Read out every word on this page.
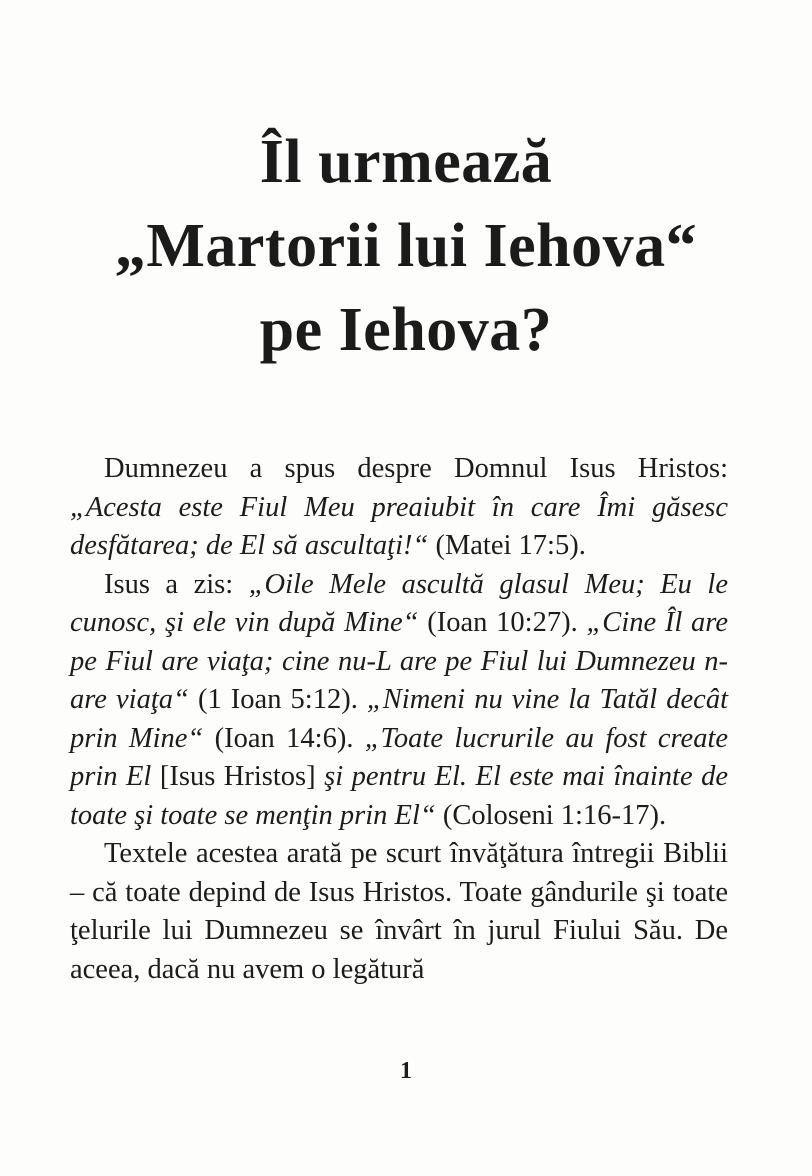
Îl urmează
„Martorii lui Iehova“
pe Iehova?

Dumnezeu a spus despre Domnul Isus Hristos: „Acesta este Fiul Meu preaiubit în care Îmi găsesc desfătarea; de El să ascultaţi!“ (Matei 17:5).

Isus a zis: „Oile Mele ascultă glasul Meu; Eu le cunosc, şi ele vin după Mine“ (Ioan 10:27). „Cine Îl are pe Fiul are viaţa; cine nu-L are pe Fiul lui Dumnezeu n-are viaţa“ (1 Ioan 5:12). „Nimeni nu vine la Tatăl decât prin Mine“ (Ioan 14:6). „Toate lucrurile au fost create prin El [Isus Hristos] şi pentru El. El este mai înainte de toate şi toate se menţin prin El“ (Coloseni 1:16-17).

Textele acestea arată pe scurt învăţătura întregii Biblii – că toate depind de Isus Hristos. Toate gândurile şi toate ţelurile lui Dumnezeu se învârt în jurul Fiului Său. De aceea, dacă nu avem o legătură

1
